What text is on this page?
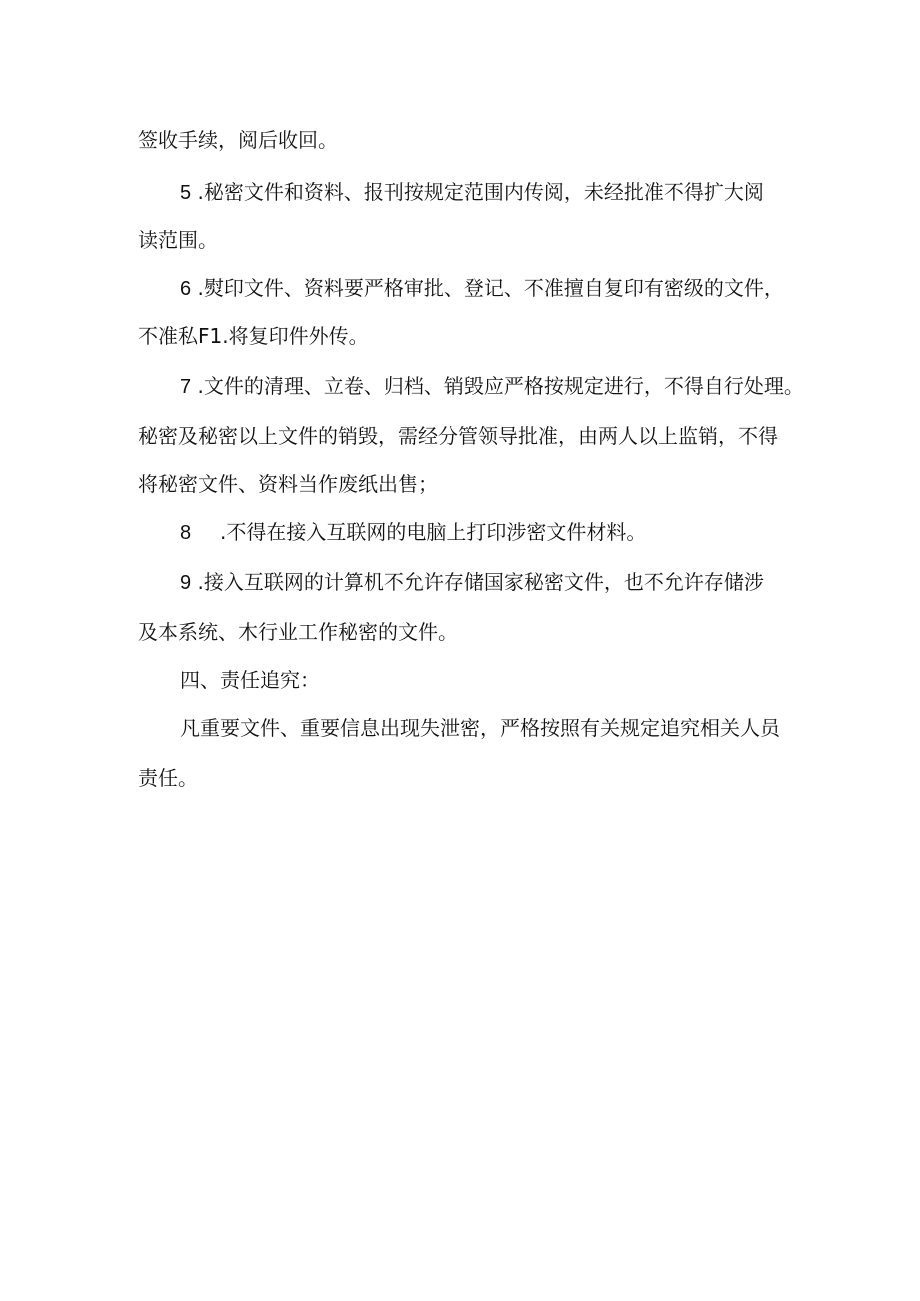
签收手续，阅后收回。
5 .秘密文件和资料、报刊按规定范围内传阅，未经批准不得扩大阅
读范围。
6 .熨印文件、资料要严格审批、登记、不准擅自复印有密级的文件，
不准私F1.将复印件外传。
7 .文件的清理、立卷、归档、销毁应严格按规定进行，不得自行处理。
秘密及秘密以上文件的销毁，需经分管领导批准，由两人以上监销，不得
将秘密文件、资料当作废纸出售；
8 .不得在接入互联网的电脑上打印涉密文件材料。
9 .接入互联网的计算机不允许存储国家秘密文件，也不允许存储涉
及本系统、木行业工作秘密的文件。
四、责任追究：
凡重要文件、重要信息出现失泄密，严格按照有关规定追究相关人员
责任。
